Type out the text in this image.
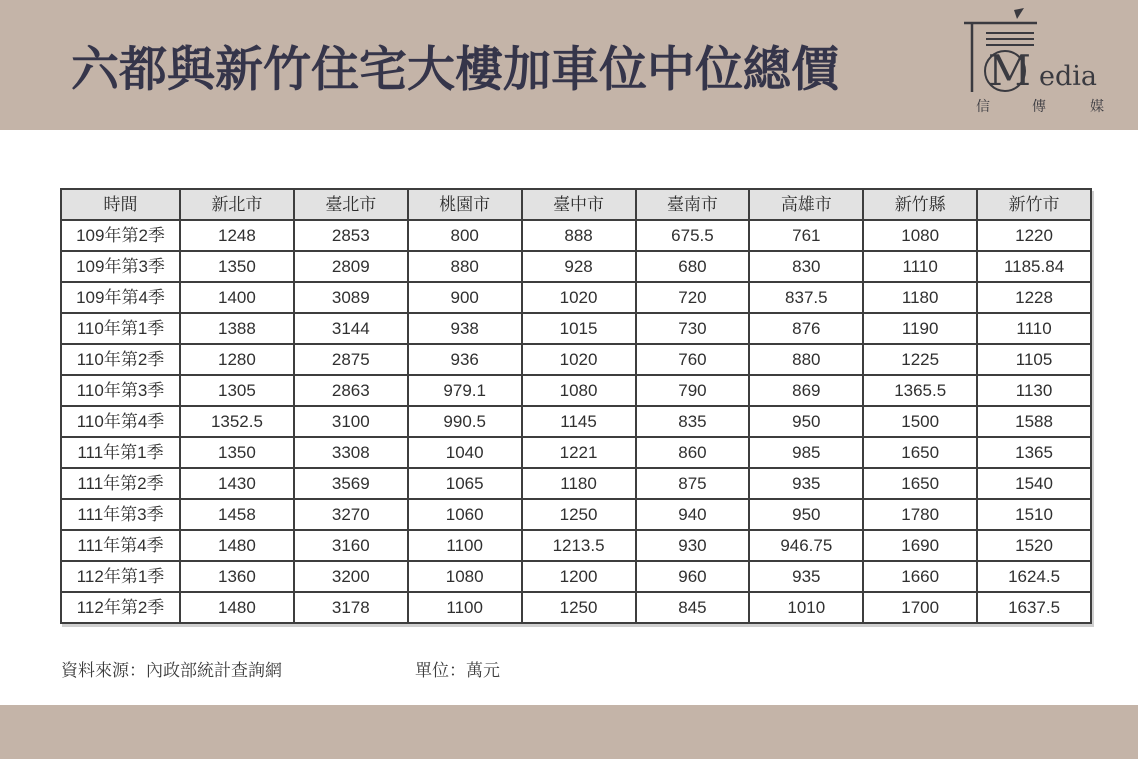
六都與新竹住宅大樓加車位中位總價	M edia
信	傳	媒
時間	新北市	臺北市	桃園市	臺中市	臺南市	高雄市	新竹縣	新竹市
109年第2季	1248	2853	800	888	675.5	761	1080	1220
109年第3季	1350	2809	880	928	680	830	1110	1185.84
109年第4季	1400	3089	900	1020	720	837.5	1180	1228
110年第1季	1388	3144	938	1015	730	876	1190	1110
110年第2季	1280	2875	936	1020	760	880	1225	1105
110年第3季	1305	2863	979.1	1080	790	869	1365.5	1130
110年第4季	1352.5	3100	990.5	1145	835	950	1500	1588
111年第1季	1350	3308	1040	1221	860	985	1650	1365
111年第2季	1430	3569	1065	1180	875	935	1650	1540
111年第3季	1458	3270	1060	1250	940	950	1780	1510
111年第4季	1480	3160	1100	1213.5	930	946.75	1690	1520
112年第1季	1360	3200	1080	1200	960	935	1660	1624.5
112年第2季	1480	3178	1100	1250	845	1010	1700	1637.5
資料來源：內政部統計查詢網	單位：萬元
